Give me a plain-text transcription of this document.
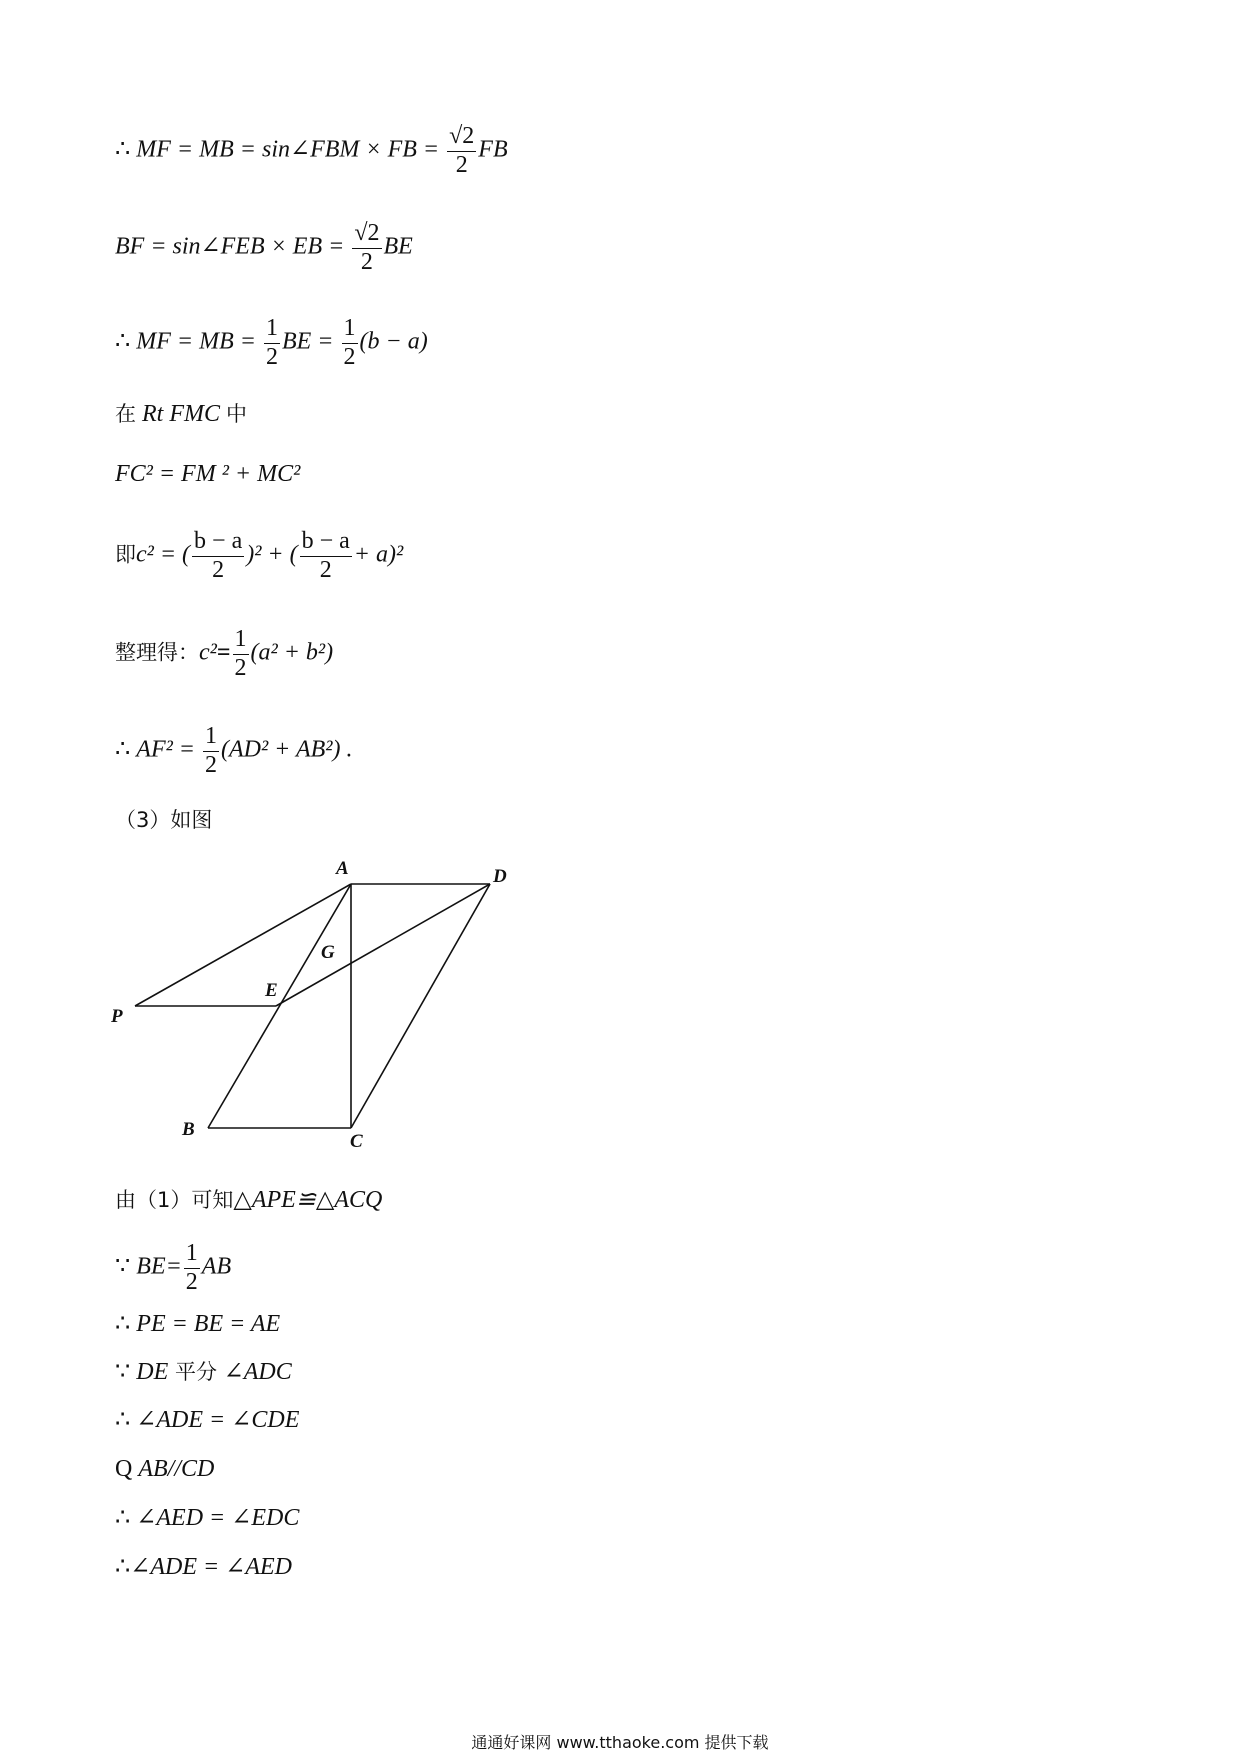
∴ MF = MB = sin∠FBM × FB = $\frac{√2}{2}$ FB
BF = sin∠FEB × EB = $\frac{√2}{2}$ BE
∴ MF = MB = $\frac{1}{2}$ BE = $\frac{1}{2} (b - a)$
在 Rt FMC 中
FC² = FM ² + MC²
即c² = ( $\frac{b - a}{2} )^2$ + ( $\frac{b - a}{2} + a)^2$
整理得：$c^2= \frac{1}{2} (a^2 + b^2)$
∴ $AF^2 = \frac{1}{2} (AD^2 + AB^2)$ .
（3）如图
A	D
G
E
P
B
C
由（1）可知△APE≌△ACQ
∵ $BE= \frac{1}{2}$ AB
∴ PE = BE = AE
∵ DE 平分 ∠ADC
∴ ∠ADE = ∠CDE
Q AB//CD
∴ ∠AED = ∠EDC
∴∠ADE = ∠AED
通通好课网 www.tthaoke.com 提供下载
